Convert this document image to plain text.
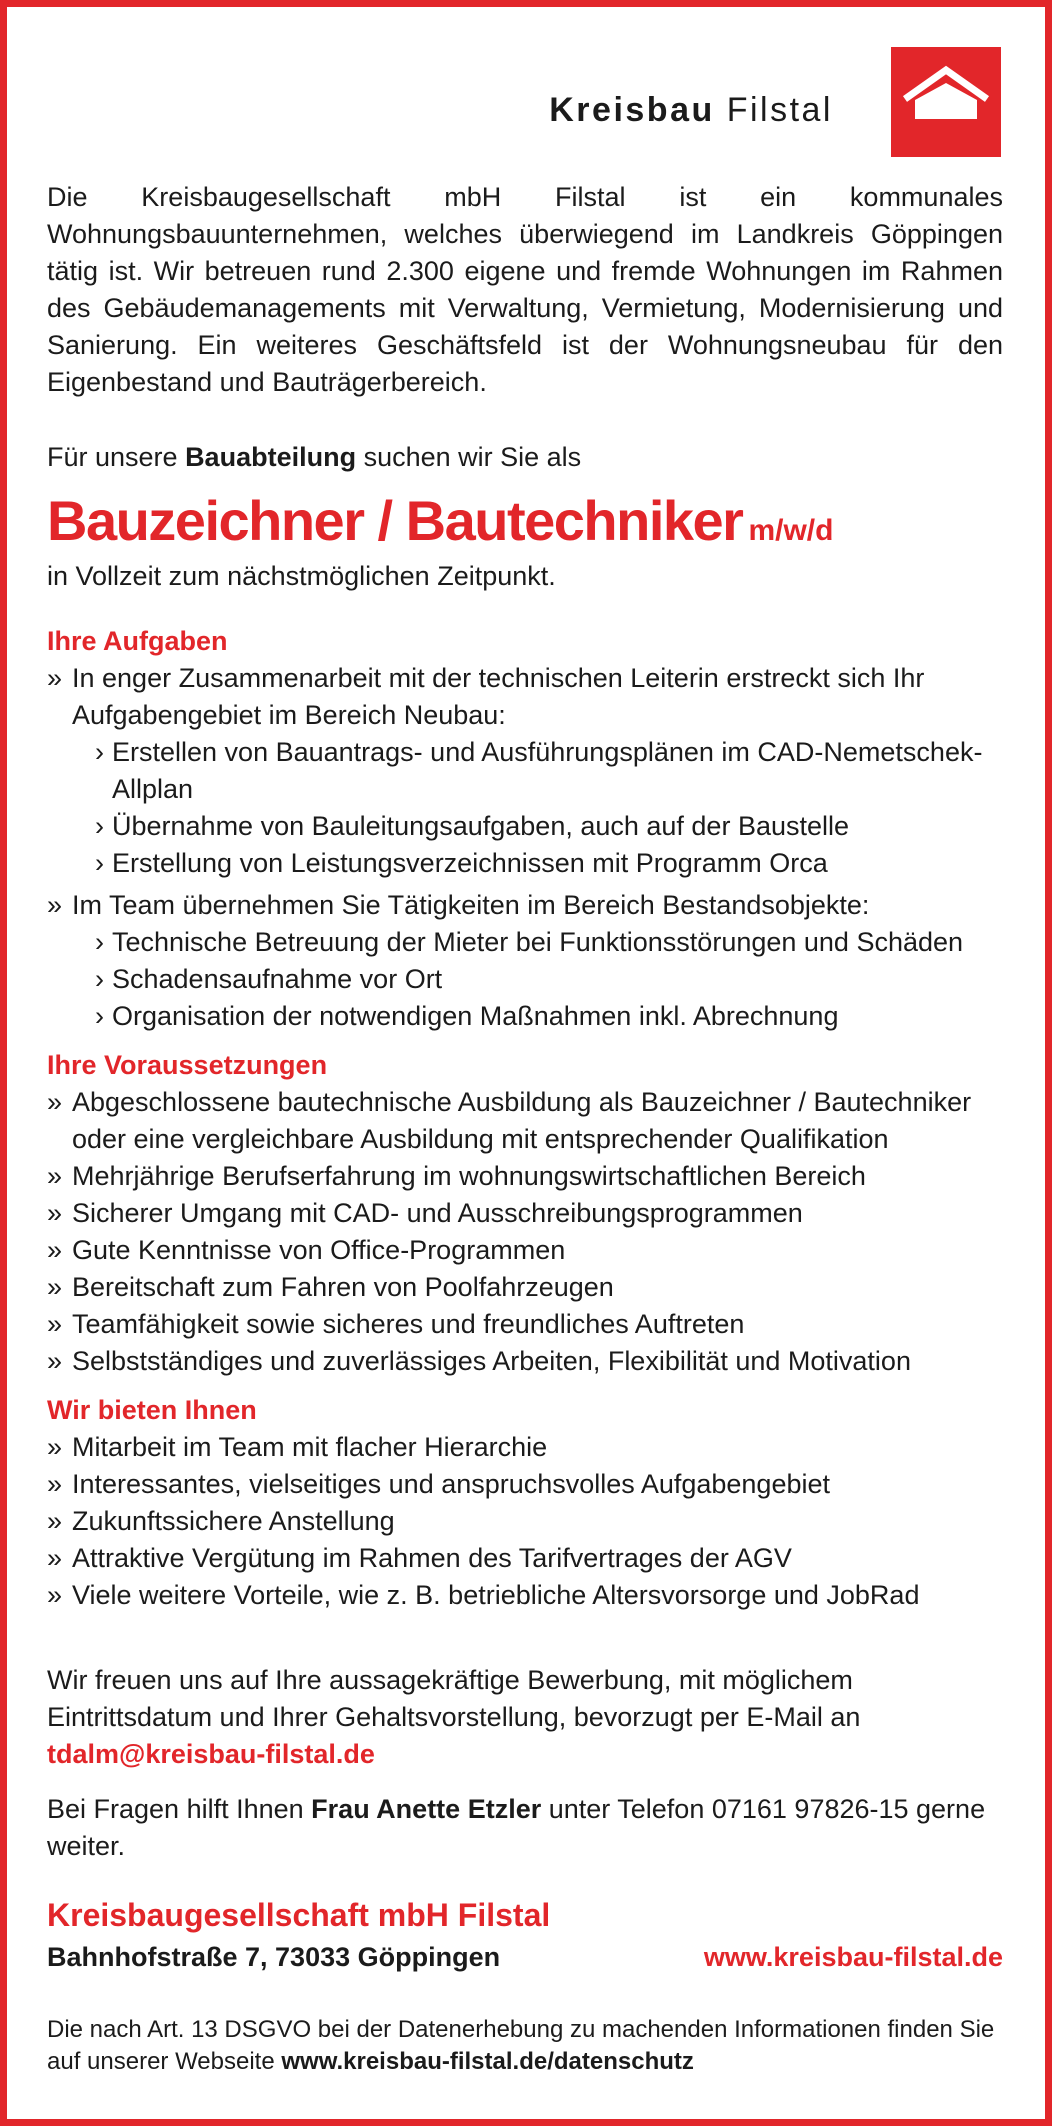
Kreisbau Filstal

Die Kreisbaugesellschaft mbH Filstal ist ein kommunales Wohnungsbauunternehmen, welches überwiegend im Landkreis Göppingen tätig ist. Wir betreuen rund 2.300 eigene und fremde Wohnungen im Rahmen des Gebäudemanagements mit Verwaltung, Vermietung, Modernisierung und Sanierung. Ein weiteres Geschäftsfeld ist der Wohnungsneubau für den Eigenbestand und Bauträgerbereich.

Für unsere Bauabteilung suchen wir Sie als

Bauzeichner / Bautechniker m/w/d

in Vollzeit zum nächstmöglichen Zeitpunkt.

Ihre Aufgaben
» In enger Zusammenarbeit mit der technischen Leiterin erstreckt sich Ihr Aufgabengebiet im Bereich Neubau:
› Erstellen von Bauantrags- und Ausführungsplänen im CAD-Nemetschek-Allplan
› Übernahme von Bauleitungsaufgaben, auch auf der Baustelle
› Erstellung von Leistungsverzeichnissen mit Programm Orca
» Im Team übernehmen Sie Tätigkeiten im Bereich Bestandsobjekte:
› Technische Betreuung der Mieter bei Funktionsstörungen und Schäden
› Schadensaufnahme vor Ort
› Organisation der notwendigen Maßnahmen inkl. Abrechnung
Ihre Voraussetzungen
» Abgeschlossene bautechnische Ausbildung als Bauzeichner / Bautechniker oder eine vergleichbare Ausbildung mit entsprechender Qualifikation
» Mehrjährige Berufserfahrung im wohnungswirtschaftlichen Bereich
» Sicherer Umgang mit CAD- und Ausschreibungsprogrammen
» Gute Kenntnisse von Office-Programmen
» Bereitschaft zum Fahren von Poolfahrzeugen
» Teamfähigkeit sowie sicheres und freundliches Auftreten
» Selbstständiges und zuverlässiges Arbeiten, Flexibilität und Motivation
Wir bieten Ihnen
» Mitarbeit im Team mit flacher Hierarchie
» Interessantes, vielseitiges und anspruchsvolles Aufgabengebiet
» Zukunftssichere Anstellung
» Attraktive Vergütung im Rahmen des Tarifvertrages der AGV
» Viele weitere Vorteile, wie z. B. betriebliche Altersvorsorge und JobRad

Wir freuen uns auf Ihre aussagekräftige Bewerbung, mit möglichem Eintrittsdatum und Ihrer Gehaltsvorstellung, bevorzugt per E-Mail an
tdalm@kreisbau-filstal.de

Bei Fragen hilft Ihnen Frau Anette Etzler unter Telefon 07161 97826-15 gerne weiter.

Kreisbaugesellschaft mbH Filstal
Bahnhofstraße 7, 73033 Göppingen	www.kreisbau-filstal.de
Die nach Art. 13 DSGVO bei der Datenerhebung zu machenden Informationen finden Sie auf unserer Webseite www.kreisbau-filstal.de/datenschutz
